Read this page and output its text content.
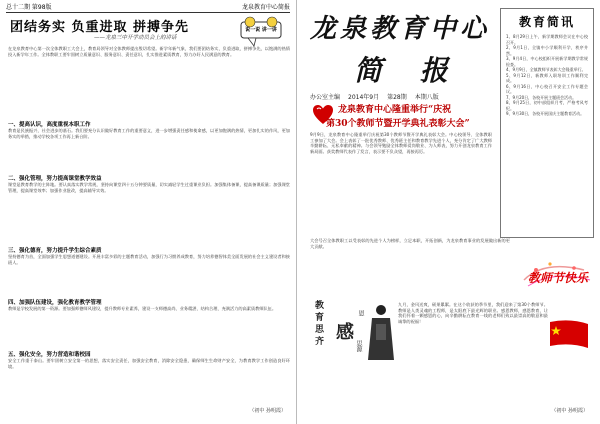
总十二期 第98版	龙泉教育中心简报
团结务实 负重进取 拼搏争先
——龙泉三中开学动员会上的讲话
说一说 讲一讲
在龙泉教育中心第一次全体教职工大会上，教育局领导对全体教师提出殷切希望。新学年新气象，我们要团结务实，负重进取，拼搏争先，以饱满的热情投入新学年工作。全体教职工要牢固树立质量意识、服务意识、责任意识，扎实推进素质教育，努力办好人民满意的教育。
一、提高认识，高度重视本职工作
教育是民族振兴、社会进步的基石。我们要充分认识做好教育工作的重要意义，进一步增强责任感和使命感，以更加饱满的热情，更加扎实的作风，更加务实的举措，推动学校各项工作再上新台阶。
二、强化管理，努力提高课堂教学效益
课堂是教育教学的主阵地。要认真落实教学常规，坚持向课堂四十五分钟要质量，切实减轻学生过重课业负担。加强集体备课，提高备课质量；加强课堂管理，提高课堂效率；加强作业批改，提高辅导实效。
三、强化德育，努力提升学生综合素质
坚持德育为首，全面加强学生思想道德建设。开展丰富多彩的主题教育活动，加强行为习惯养成教育，努力培养德智体美全面发展的社会主义建设者和接班人。
四、加强队伍建设，强化教育教学管理
教师是学校发展的第一资源。要加强师德师风建设，提升教师专业素养，建设一支师德高尚、业务精湛、结构合理、充满活力的高素质教师队伍。
五、强化安全，努力营造和谐校园
安全工作重于泰山。要牢固树立安全第一的思想，落实安全责任，加强安全教育，消除安全隐患，确保师生生命财产安全，为教育教学工作创造良好环境。
（初中 孙明霞）
龙泉教育中心
简 报
办公室主编 2014年9月 第28期 本期八版
教育简讯
1、8月29日上午，新学期教师会议在中心校召开。
2、9月1日，全镇中小学顺利开学，秩序井然。
3、9月4日，中心校组织开展新学期教学常规检查。
4、9月9日，全镇教师节表彰大会隆重举行。
5、9月12日，新教师入职培训工作顺利完成。
6、9月16日，中心校召开安全工作专题会议。
7、9月20日，各校开展主题班会活动。
8、9月25日，初中部组织月考，严格考风考纪。
9、9月30日，各校开展国庆主题教育活动。
龙泉教育中心隆重举行“庆祝
第30个教师节暨开学典礼表彰大会”
9月9日，龙泉教育中心隆重举行庆祝第30个教师节暨开学典礼表彰大会。中心校领导、全体教职工参加了大会。会上表彰了一批优秀教师、优秀班主任和教育教学先进个人，充分肯定了广大教师辛勤耕耘、无私奉献的精神。与会领导勉励全体教师爱岗敬业、为人师表，努力开创龙泉教育工作新局面。获奖教师代表作了发言，表示要不负众望，再接再厉。
大会号召全体教职工以受表彰的先进个人为榜样，立足本职，开拓创新，为龙泉教育事业的发展做出新的更大贡献。
教师节快乐
教育思齐 感
恩
思源
九月，金风送爽，硕果累累。在这个收获的季节里，我们迎来了第30个教师节。教师是人类灵魂的工程师，是太阳底下最光辉的职业。感恩教师，感恩教育，让我们怀着一颗感恩的心，向辛勤耕耘在教育一线的老师们致以最崇高的敬意和最诚挚的祝福！
（初中 孙明霞）
